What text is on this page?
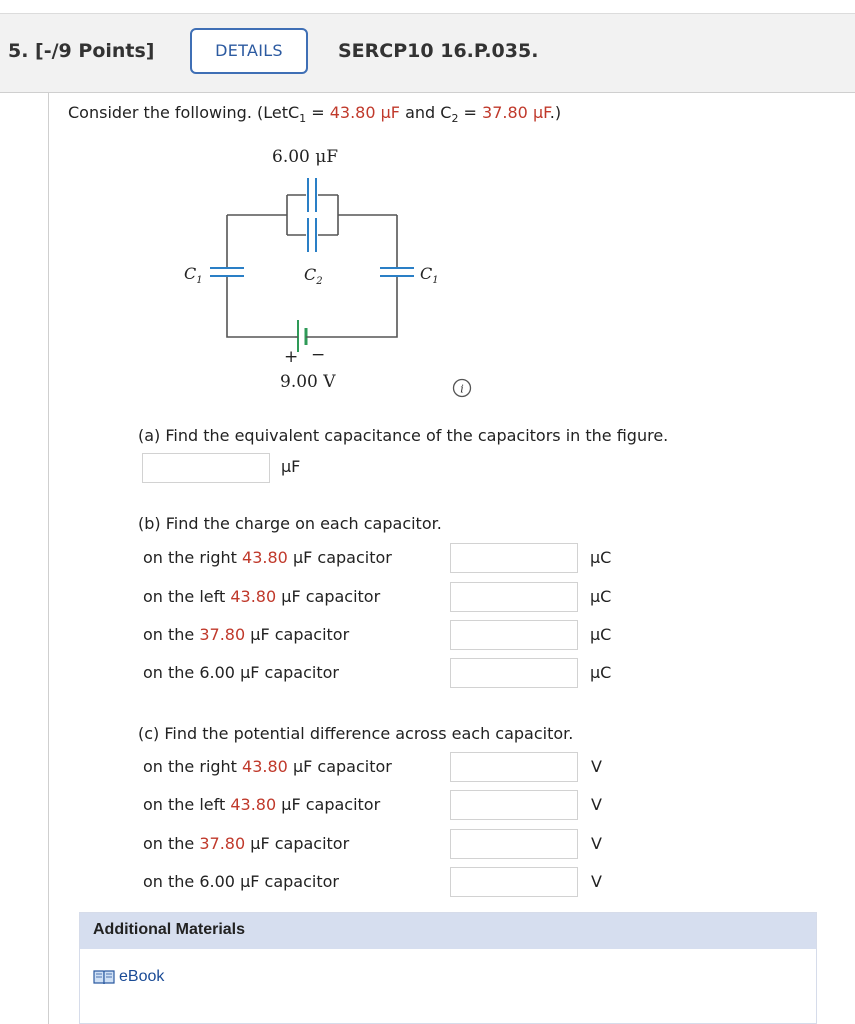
5. [-/9 Points]	DETAILS	SERCP10 16.P.035.
Consider the following. (LetC$_1$ = 43.80 μF and $C_2 = 37.80$ μF.)
6.00 μF
$C_1$	$C_2$	$C_1$
+ −
9.00 V	i
(a) Find the equivalent capacitance of the capacitors in the figure.
μF
(b) Find the charge on each capacitor.
on the right 43.80 μF capacitor	μC
on the left 43.80 μF capacitor	μC
on the 37.80 μF capacitor	μC
on the 6.00 μF capacitor	μC
(c) Find the potential difference across each capacitor.
on the right 43.80 μF capacitor	V
on the left 43.80 μF capacitor	V
on the 37.80 μF capacitor	V
on the 6.00 μF capacitor	V
Additional Materials
eBook
